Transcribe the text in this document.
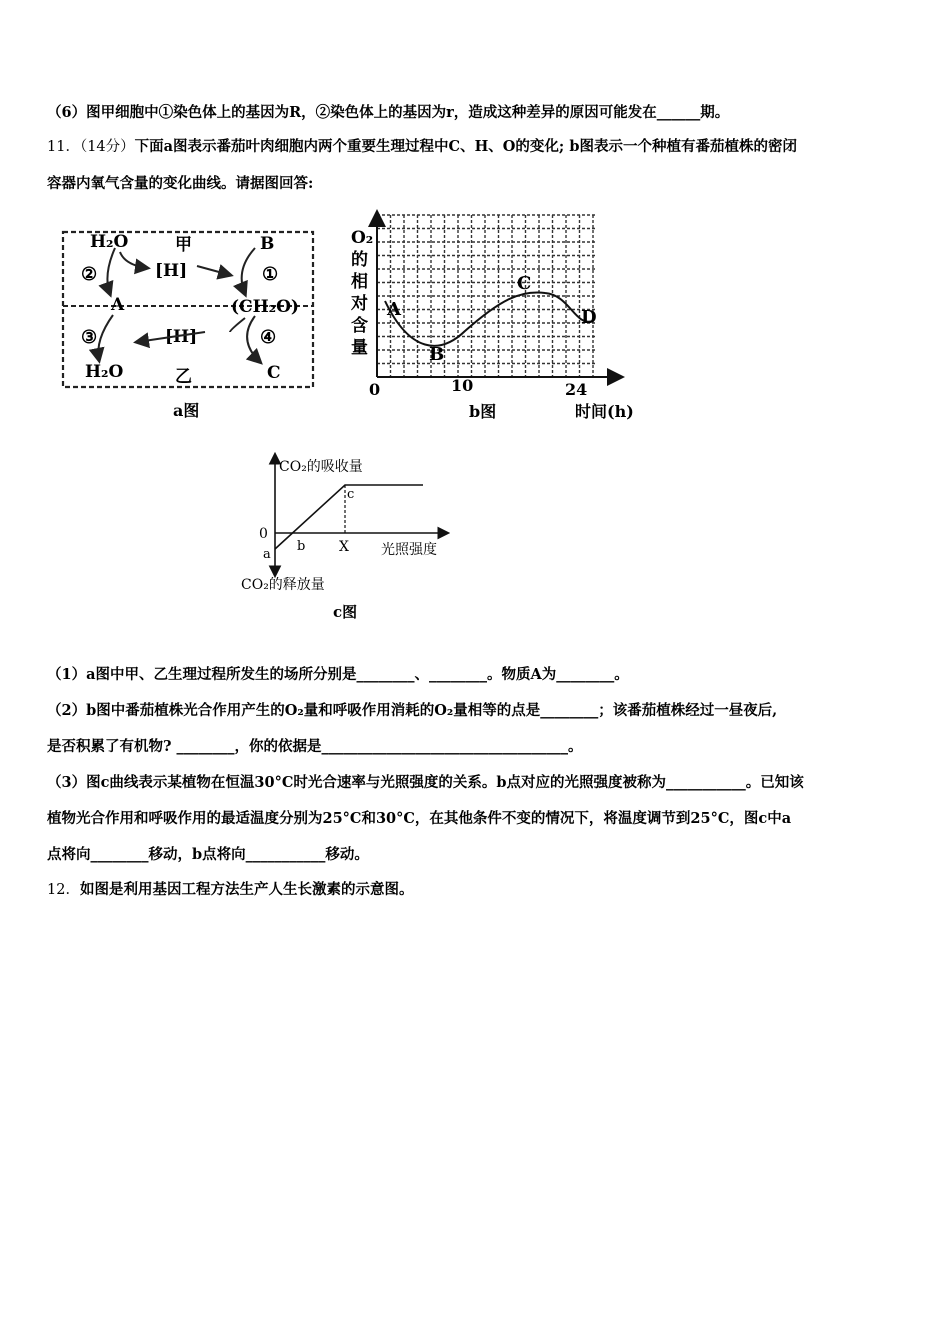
（6）图甲细胞中①染色体上的基因为R，②染色体上的基因为r，造成这种差异的原因可能发在______期。
11．（14分）下面a图表示番茄叶肉细胞内两个重要生理过程中C、H、O的变化; b图表示一个种植有番茄植株的密闭
容器内氧气含量的变化曲线。请据图回答:
H₂O	甲	B
②	[H]	①
A	(CH₂O)
③	[H]	④
H₂O	乙	C
a图
O₂
的
相
对
含
量
A
B
C
D
0	10	24
b图	时间(h)
CO₂的吸收量
0
a
b
c
X 光照强度
CO₂的释放量
c图
（1）a图中甲、乙生理过程所发生的场所分别是________、________。物质A为________。
（2）b图中番茄植株光合作用产生的O₂量和呼吸作用消耗的O₂量相等的点是________；该番茄植株经过一昼夜后,
是否积累了有机物? ________，你的依据是__________________________________。
（3）图c曲线表示某植物在恒温30°C时光合速率与光照强度的关系。b点对应的光照强度被称为___________。已知该
植物光合作用和呼吸作用的最适温度分别为25°C和30°C，在其他条件不变的情况下，将温度调节到25°C，图c中a
点将向________移动，b点将向___________移动。
12．如图是利用基因工程方法生产人生长激素的示意图。
